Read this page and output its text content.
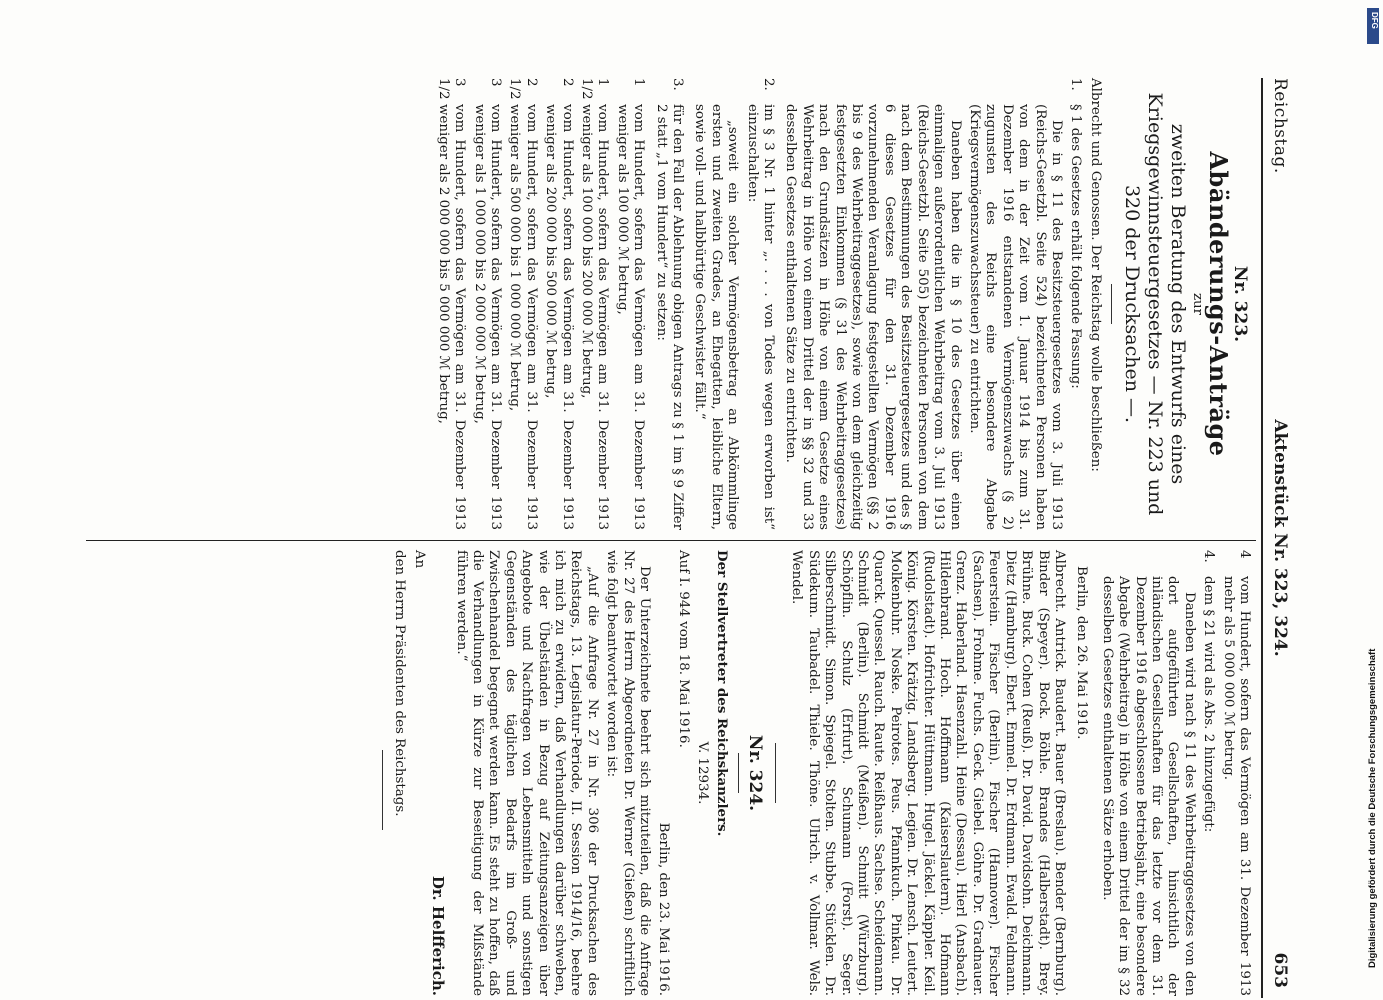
Reichstag.
Aktenstück Nr. 323, 324.
653
Nr. 323.
Abänderungs-Anträge
zur
zweiten Beratung des Entwurfs eines Kriegsgewinnsteuergesetzes — Nr. 223 und 320 der Drucksachen —.

Albrecht und Genossen. Der Reichstag wolle beschließen:

1.

§ 1 des Gesetzes erhält folgende Fassung:

Die in § 11 des Besitzsteuergesetzes vom 3. Juli 1913 (Reichs-Gesetzbl. Seite 524) bezeichneten Personen haben von dem in der Zeit vom 1. Januar 1914 bis zum 31. Dezember 1916 entstandenen Vermögenszuwachs (§ 2) zugunsten des Reichs eine besondere Abgabe (Kriegsvermögenszuwachssteuer) zu entrichten.

Daneben haben die in § 10 des Gesetzes über einen einmaligen außerordentlichen Wehrbeitrag vom 3. Juli 1913 (Reichs-Gesetzbl. Seite 505) bezeichneten Personen von dem nach dem Bestimmungen des Besitzsteuergesetzes und des § 6 dieses Gesetzes für den 31. Dezember 1916 vorzunehmenden Veranlagung festgestellten Vermögen (§§ 2 bis 9 des Wehrbeitraggesetzes), sowie von dem gleichzeitig festgesetzten Einkommen (§ 31 des Wehrbeitraggesetzes) nach den Grundsätzen in Höhe von einem Gesetze eines Wehrbeitrag in Höhe von einem Drittel der in §§ 32 und 33 desselben Gesetzes enthaltenen Sätze zu entrichten.

2.

im § 3 Nr. 1 hinter „. . . . von Todes wegen erworben ist“ einzuschalten:

„soweit ein solcher Vermögensbetrag an Abkömmlinge ersten und zweiten Grades, an Ehegatten, leibliche Eltern, sowie voll- und halbbürtige Geschwister fällt.“

3.

für den Fall der Ablehnung obigen Antrags zu § 1 im § 9 Ziffer 2 statt „1 vom Hundert“ zu setzen:

1
vom Hundert, sofern das Vermögen am 31. Dezember 1913 weniger als 100 000 ℳ betrug,
1 1/2
vom Hundert, sofern das Vermögen am 31. Dezember 1913 weniger als 100 000 bis 200 000 ℳ betrug,
2
vom Hundert, sofern das Vermögen am 31. Dezember 1913 weniger als 200 000 bis 500 000 ℳ betrug,
2 1/2
vom Hundert, sofern das Vermögen am 31. Dezember 1913 weniger als 500 000 bis 1 000 000 ℳ betrug,
3
vom Hundert, sofern das Vermögen am 31. Dezember 1913 weniger als 1 000 000 bis 2 000 000 ℳ betrug,
3 1/2
vom Hundert, sofern das Vermögen am 31. Dezember 1913 weniger als 2 000 000 bis 5 000 000 ℳ betrug,
4
vom Hundert, sofern das Vermögen am 31. Dezember 1913 mehr als 5 000 000 ℳ betrug.
4.

dem § 21 wird als Abs. 2 hinzugefügt:

Daneben wird nach § 11 des Wehrbeitraggesetzes von den dort aufgeführten Gesellschaften, hinsichtlich der inländischen Gesellschaften für das letzte vor dem 31. Dezember 1916 abgeschlossene Betriebsjahr, eine besondere Abgabe (Wehrbeitrag) in Höhe von einem Drittel der im § 32 desselben Gesetzes enthaltenen Sätze erhoben.

Berlin, den 26. Mai 1916.

Albrecht. Antrick. Baudert. Bauer (Breslau). Bender (Bernburg). Binder (Speyer). Bock. Böhle. Brandes (Halberstadt). Brey. Brühne. Buck. Cohen (Reuß). Dr. David. Davidsohn. Deichmann. Dietz (Hamburg). Ebert. Emmel. Dr. Erdmann. Ewald. Feldmann. Feuerstein. Fischer (Berlin). Fischer (Hannover). Fischer (Sachsen). Frohme. Fuchs. Geck. Giebel. Göhre. Dr. Gradnauer. Grenz. Haberland. Hasenzahl. Heine (Dessau). Hierl (Ansbach). Hildenbrand. Hoch. Hoffmann (Kaiserslautern). Hofmann (Rudolstadt). Hofrichter. Hüttmann. Hugel. Jäckel. Käppler. Keil. König. Körsten. Krätzig. Landsberg. Legien. Dr. Lensch. Leutert. Molkenbuhr. Noske. Peirotes. Peus. Pfannkuch. Pinkau. Dr. Quarck. Quessel. Rauch. Raute. Reißhaus. Sachse. Scheidemann. Schmidt (Berlin). Schmidt (Meißen). Schmitt (Würzburg). Schöpflin. Schulz (Erfurt). Schumann (Forst). Seger. Silberschmidt. Simon. Spiegel. Stolten. Stubbe. Stücklen. Dr. Südekum. Taubadel. Thiele. Thöne. Ulrich. v. Vollmar. Wels. Wendel.

Nr. 324.

Der Stellvertreter des Reichskanzlers.

V. 12934.

Auf I. 944 vom 18. Mai 1916.

Berlin, den 23. Mai 1916.

Der Unterzeichnete beehrt sich mitzuteilen, daß die Anfrage Nr. 27 des Herrn Abgeordneten Dr. Werner (Gießen) schriftlich wie folgt beantwortet worden ist:

„Auf die Anfrage Nr. 27 in Nr. 306 der Drucksachen des Reichstags, 13. Legislatur-Periode, II. Session 1914/16, beehre ich mich zu erwidern, daß Verhandlungen darüber schweben, wie der Übelständen in Bezug auf Zeitungsanzeigen über Angebote und Nachfragen von Lebensmitteln und sonstigen Gegenständen des täglichen Bedarfs im Groß- und Zwischenhandel begegnet werden kann. Es steht zu hoffen, daß die Verhandlungen in Kürze zur Beseitigung der Mißstände führen werden.“

Dr. Helfferich.

An

den Herrn Präsidenten des Reichstags.

DFG
Digitalisierung gefördert durch die Deutsche Forschungsgemeinschaft
